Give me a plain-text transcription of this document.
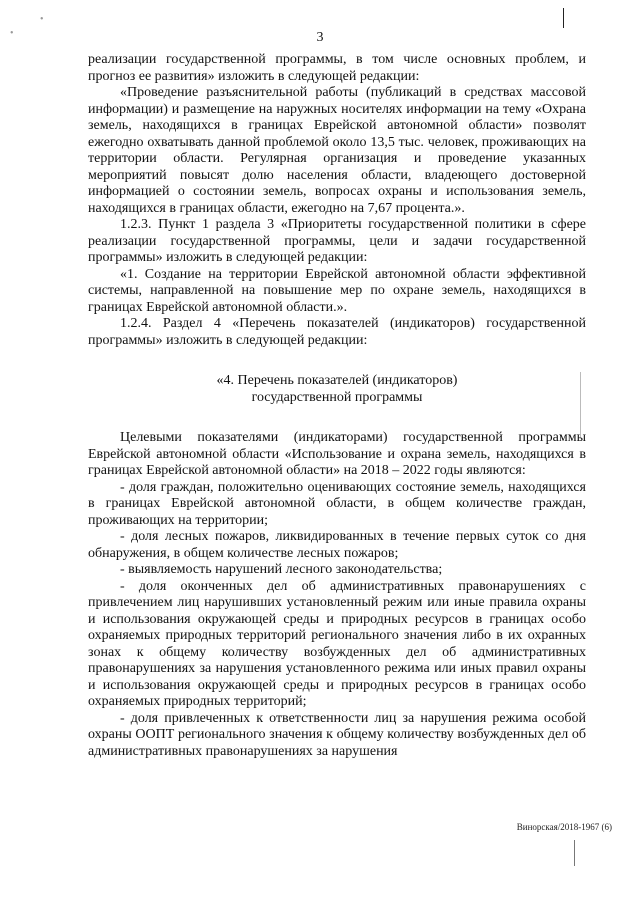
3
•
•

реализации государственной программы, в том числе основных проблем, и прогноз ее развития» изложить в следующей редакции:

«Проведение разъяснительной работы (публикаций в средствах массовой информации) и размещение на наружных носителях информации на тему «Охрана земель, находящихся в границах Еврейской автономной области» позволят ежегодно охватывать данной проблемой около 13,5 тыс. человек, проживающих на территории области. Регулярная организация и проведение указанных мероприятий повысят долю населения области, владеющего достоверной информацией о состоянии земель, вопросах охраны и использования земель, находящихся в границах области, ежегодно на 7,67 процента.».

1.2.3. Пункт 1 раздела 3 «Приоритеты государственной политики в сфере реализации государственной программы, цели и задачи государственной программы» изложить в следующей редакции:

«1. Создание на территории Еврейской автономной области эффективной системы, направленной на повышение мер по охране земель, находящихся в границах Еврейской автономной области.».

1.2.4. Раздел 4 «Перечень показателей (индикаторов) государственной программы» изложить в следующей редакции:

«4. Перечень показателей (индикаторов)
государственной программы

Целевыми показателями (индикаторами) государственной программы Еврейской автономной области «Использование и охрана земель, находящихся в границах Еврейской автономной области» на 2018 – 2022 годы являются:

- доля граждан, положительно оценивающих состояние земель, находящихся в границах Еврейской автономной области, в общем количестве граждан, проживающих на территории;

- доля лесных пожаров, ликвидированных в течение первых суток со дня обнаружения, в общем количестве лесных пожаров;

- выявляемость нарушений лесного законодательства;

- доля оконченных дел об административных правонарушениях с привлечением лиц нарушивших установленный режим или иные правила охраны и использования окружающей среды и природных ресурсов в границах особо охраняемых природных территорий регионального значения либо в их охранных зонах к общему количеству возбужденных дел об административных правонарушениях за нарушения установленного режима или иных правил охраны и использования окружающей среды и природных ресурсов в границах особо охраняемых природных территорий;

- доля привлеченных к ответственности лиц за нарушения режима особой охраны ООПТ регионального значения к общему количеству возбужденных дел об административных правонарушениях за нарушения

Винорская/2018-1967 (6)
